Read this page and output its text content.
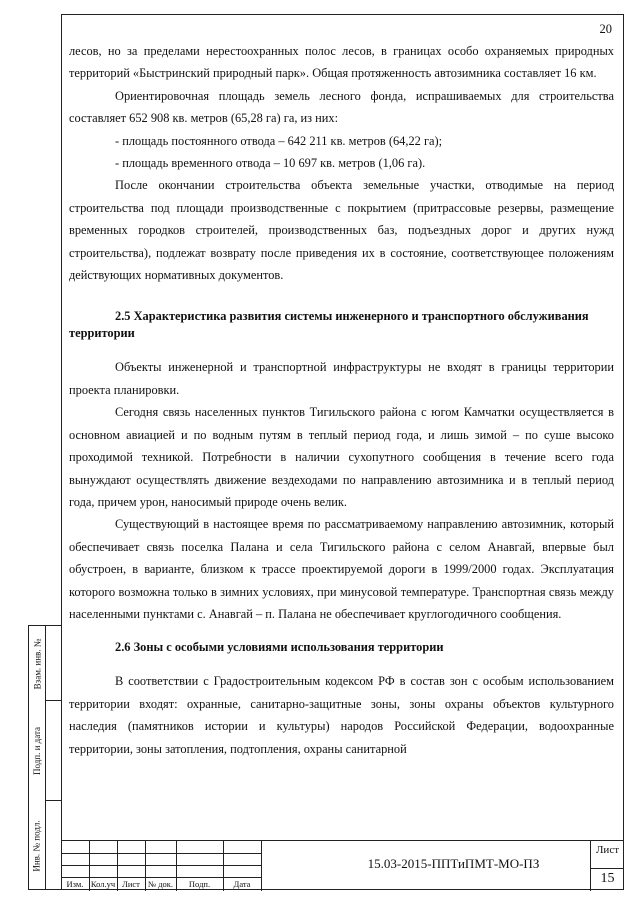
20

лесов, но за пределами нерестоохранных полос лесов, в границах особо охраняемых природных территорий «Быстринский природный парк». Общая протяженность автозимника составляет 16 км.

Ориентировочная площадь земель лесного фонда, испрашиваемых для строительства составляет 652 908 кв. метров (65,28 га) га, из них:

- площадь постоянного отвода – 642 211 кв. метров (64,22 га);

- площадь временного отвода – 10 697 кв. метров (1,06 га).

После окончании строительства объекта земельные участки, отводимые на период строительства под площади производственные с покрытием (притрассовые резервы, размещение временных городков строителей, производственных баз, подъездных дорог и других нужд строительства), подлежат возврату после приведения их в состояние, соответствующее положениям действующих нормативных документов.

2.5 Характеристика развития системы инженерного и транспортного обслуживания территории

Объекты инженерной и транспортной инфраструктуры не входят в границы территории проекта планировки.

Сегодня связь населенных пунктов Тигильского района с югом Камчатки осуществляется в основном авиацией и по водным путям в теплый период года, и лишь зимой – по суше высоко проходимой техникой. Потребности в наличии сухопутного сообщения в течение всего года вынуждают осуществлять движение вездеходами по направлению автозимника и в теплый период года, причем урон, наносимый природе очень велик.

Существующий в настоящее время по рассматриваемому направлению автозимник, который обеспечивает связь поселка Палана и села Тигильского района с селом Анавгай, впервые был обустроен, в варианте, близком к трассе проектируемой дороги в 1999/2000 годах. Эксплуатация которого возможна только в зимних условиях, при минусовой температуре. Транспортная связь между населенными пунктами с. Анавгай – п. Палана не обеспечивает круглогодичного сообщения.

2.6 Зоны с особыми условиями использования территории

В соответствии с Градостроительным кодексом РФ в состав зон с особым использованием территории входят: охранные, санитарно-защитные зоны, зоны охраны объектов культурного наследия (памятников истории и культуры) народов Российской Федерации, водоохранные территории, зоны затопления, подтопления, охраны санитарной

Взам. инв. №
Подп. и дата
Инв. № подл.
Изм. Кол.уч Лист № док.	Подп.	Дата
15.03-2015-ППТиПМТ-МО-ПЗ
Лист
15
